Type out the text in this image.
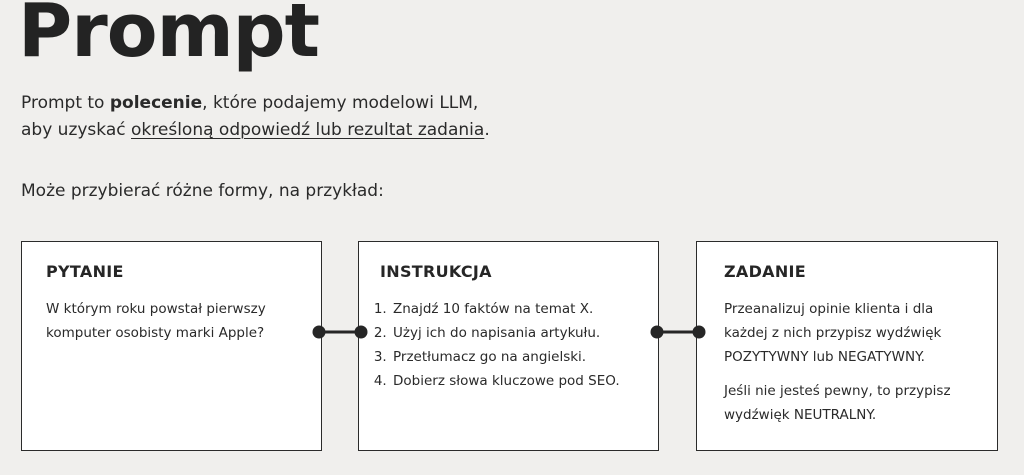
Prompt

Prompt to polecenie, które podajemy modelowi LLM,

aby uzyskać określoną odpowiedź lub rezultat zadania.

Może przybierać różne formy, na przykład:

PYTANIE

W którym roku powstał pierwszy komputer osobisty marki Apple?

INSTRUKCJA
1. Znajdź 10 faktów na temat X.
2. Użyj ich do napisania artykułu.
3. Przetłumacz go na angielski.
4. Dobierz słowa kluczowe pod SEO.
ZADANIE

Przeanalizuj opinie klienta i dla każdej z nich przypisz wydźwięk POZYTYWNY lub NEGATYWNY.

Jeśli nie jesteś pewny, to przypisz wydźwięk NEUTRALNY.
